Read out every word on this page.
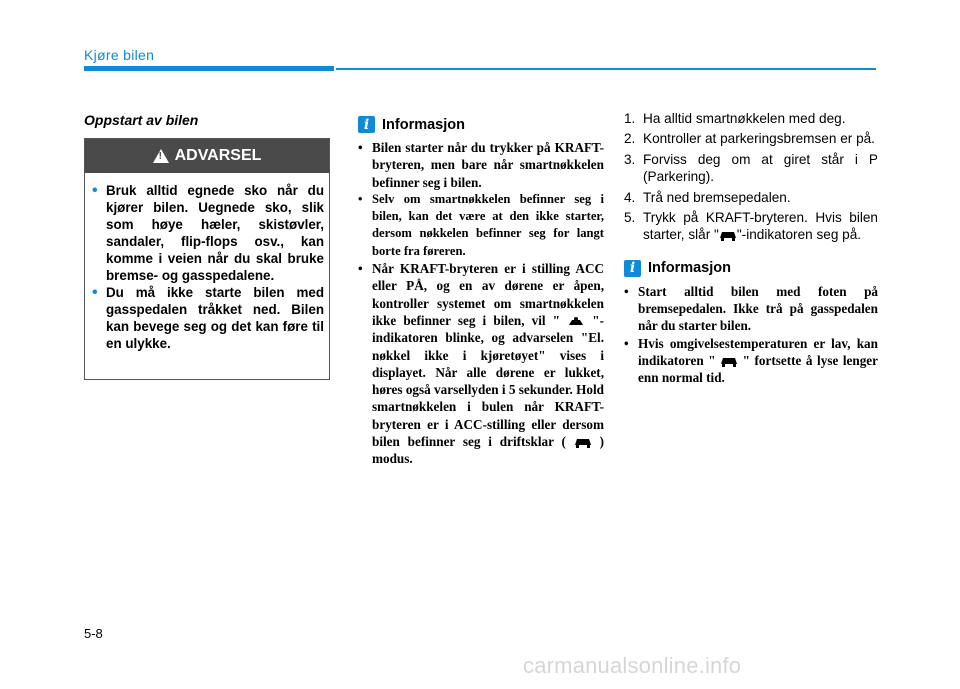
Kjøre bilen
Oppstart av bilen
!
ADVARSEL
• Bruk alltid egnede sko når du kjører bilen. Uegnede sko, slik som høye hæler, skistøvler, sandaler, flip-flops osv., kan komme i veien når du skal bruke bremse- og gasspedalene.
• Du må ikke starte bilen med gasspedalen tråkket ned. Bilen kan bevege seg og det kan føre til en ulykke.
i Informasjon
• Bilen starter når du trykker på KRAFT-bryteren, men bare når smartnøkkelen befinner seg i bilen.
• Selv om smartnøkkelen befinner seg i bilen, kan det være at den ikke starter, dersom nøkkelen befinner seg for langt borte fra føreren.
• Når KRAFT-bryteren er i stilling ACC eller PÅ, og en av dørene er åpen, kontroller systemet om smartnøkkelen ikke befinner seg i bilen, vil " "-indikatoren blinke, og advarselen "El. nøkkel ikke i kjøretøyet" vises i displayet. Når alle dørene er lukket, høres også varsellyden i 5 sekunder. Hold smartnøkkelen i bulen når KRAFT-bryteren er i ACC-stilling eller dersom bilen befinner seg i driftsklar (	) modus.
1. Ha alltid smartnøkkelen med deg.
2. Kontroller at parkeringsbremsen er på.
3. Forviss deg om at giret står i P (Parkering).
4. Trå ned bremsepedalen.
5. Trykk på KRAFT-bryteren. Hvis bilen starter, slår " "-indikatoren seg på.
i Informasjon
• Start alltid bilen med foten på bremsepedalen. Ikke trå på gasspedalen når du starter bilen.
• Hvis omgivelsestemperaturen er lav, kan indikatoren " " fortsette å lyse lenger enn normal tid.
5-8
carmanualsonline.info
